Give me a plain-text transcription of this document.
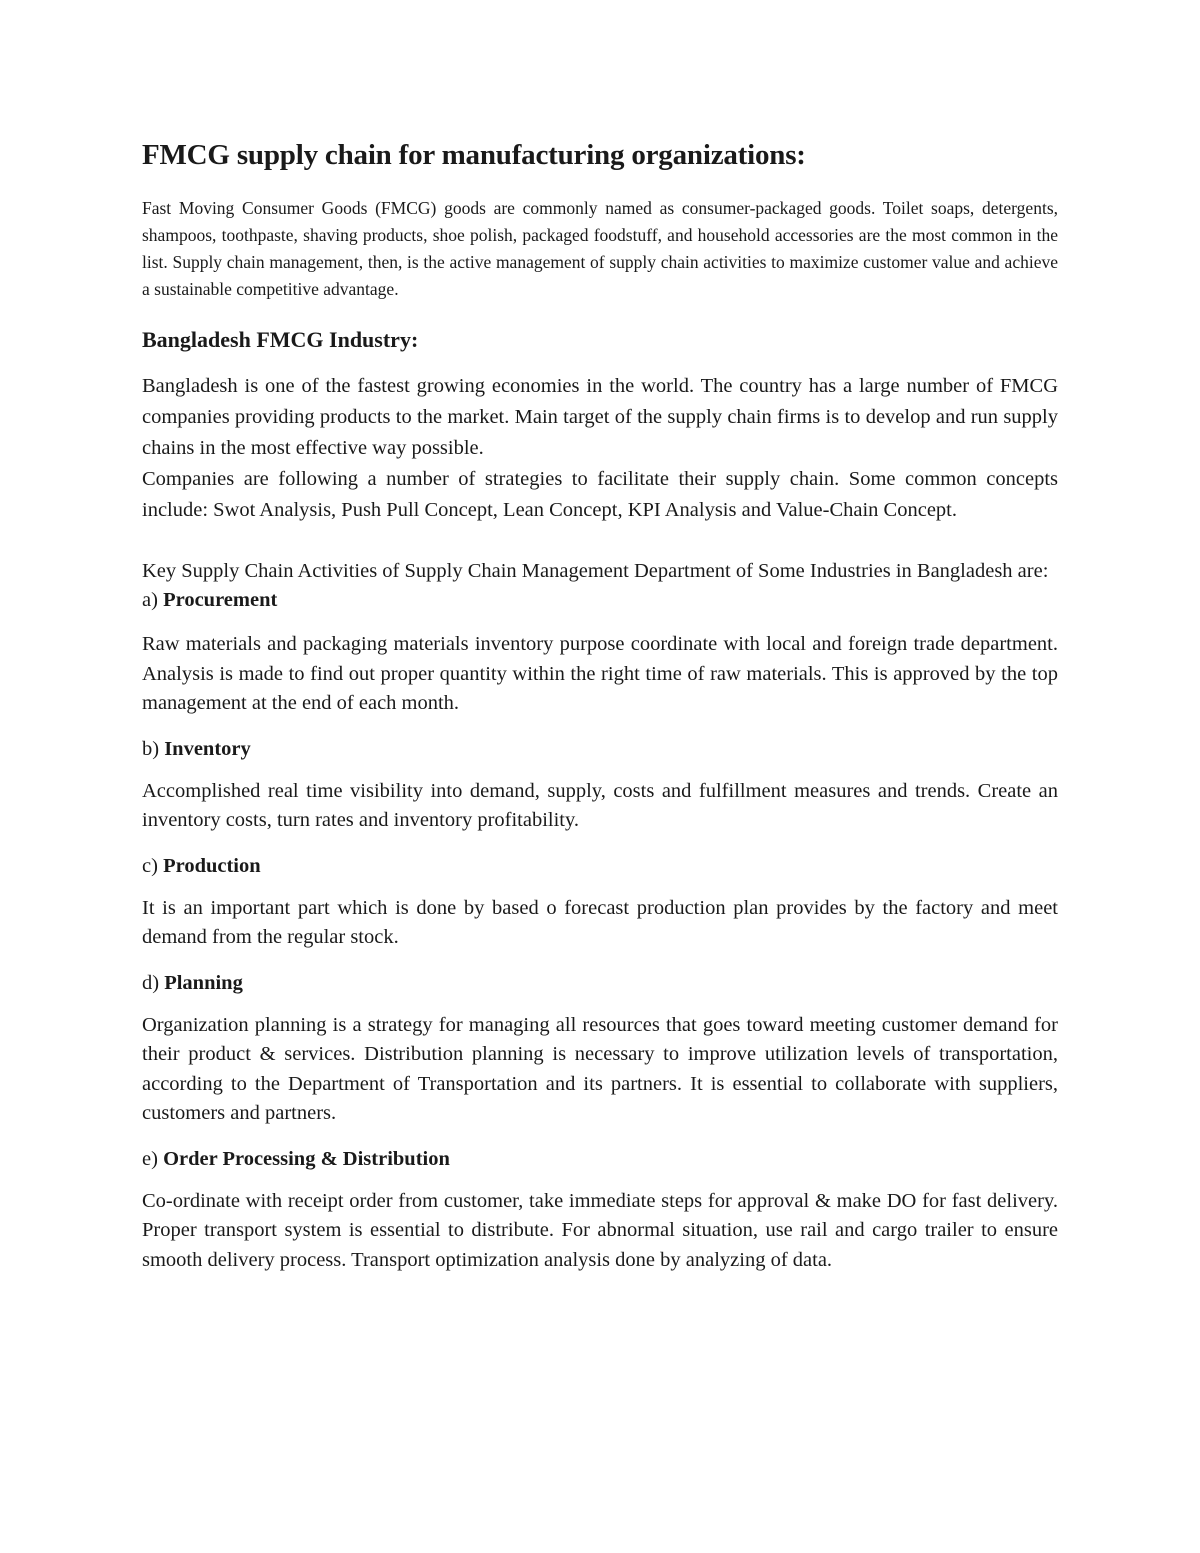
FMCG supply chain for manufacturing organizations:

Fast Moving Consumer Goods (FMCG) goods are commonly named as consumer-packaged goods. Toilet soaps, detergents, shampoos, toothpaste, shaving products, shoe polish, packaged foodstuff, and household accessories are the most common in the list. Supply chain management, then, is the active management of supply chain activities to maximize customer value and achieve a sustainable competitive advantage.

Bangladesh FMCG Industry:

Bangladesh is one of the fastest growing economies in the world. The country has a large number of FMCG companies providing products to the market. Main target of the supply chain firms is to develop and run supply chains in the most effective way possible.

Companies are following a number of strategies to facilitate their supply chain. Some common concepts include: Swot Analysis, Push Pull Concept, Lean Concept, KPI Analysis and Value-Chain Concept.

Key Supply Chain Activities of Supply Chain Management Department of Some Industries in Bangladesh are:

a) Procurement

Raw materials and packaging materials inventory purpose coordinate with local and foreign trade department. Analysis is made to find out proper quantity within the right time of raw materials. This is approved by the top management at the end of each month.

b) Inventory

Accomplished real time visibility into demand, supply, costs and fulfillment measures and trends. Create an inventory costs, turn rates and inventory profitability.

c) Production

It is an important part which is done by based o forecast production plan provides by the factory and meet demand from the regular stock.

d) Planning

Organization planning is a strategy for managing all resources that goes toward meeting customer demand for their product & services. Distribution planning is necessary to improve utilization levels of transportation, according to the Department of Transportation and its partners. It is essential to collaborate with suppliers, customers and partners.

e) Order Processing & Distribution

Co-ordinate with receipt order from customer, take immediate steps for approval & make DO for fast delivery. Proper transport system is essential to distribute. For abnormal situation, use rail and cargo trailer to ensure smooth delivery process. Transport optimization analysis done by analyzing of data.
